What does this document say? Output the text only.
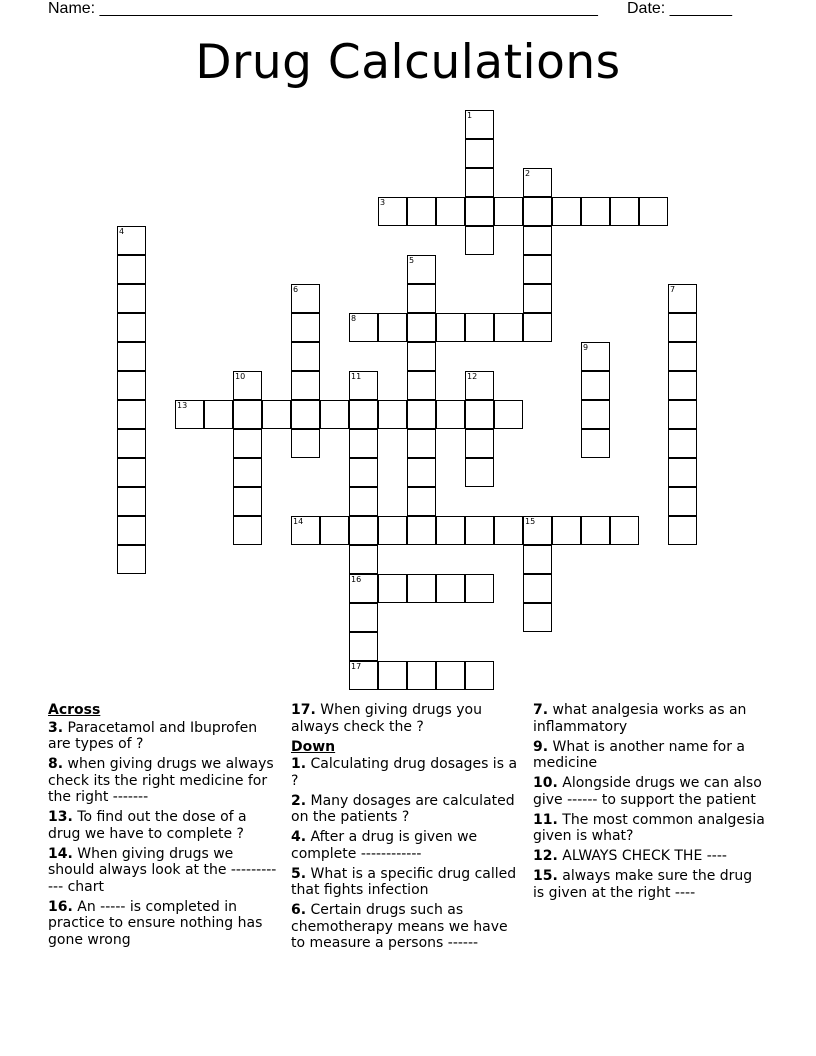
Name: ________________________________________________________ Date: _______
Drug Calculations
1
2
3
4
5
6	7
8
9
10	11
16
17
12
13
14	15
Across
3. Paracetamol and Ibuprofen are types of ?
8. when giving drugs we always check its the right medicine for the right -------
13. To find out the dose of a drug we have to complete ?
14. When giving drugs we should always look at the ------------ chart
16. An ----- is completed in practice to ensure nothing has gone wrong
17. When giving drugs you always check the ?
Down
1. Calculating drug dosages is a ?
2. Many dosages are calculated on the patients ?
4. After a drug is given we complete ------------
5. What is a specific drug called that fights infection
6. Certain drugs such as chemotherapy means we have to measure a persons ------
7. what analgesia works as an inflammatory
9. What is another name for a medicine
10. Alongside drugs we can also give ------ to support the patient
11. The most common analgesia given is what?
12. ALWAYS CHECK THE ----
15. always make sure the drug is given at the right ----
